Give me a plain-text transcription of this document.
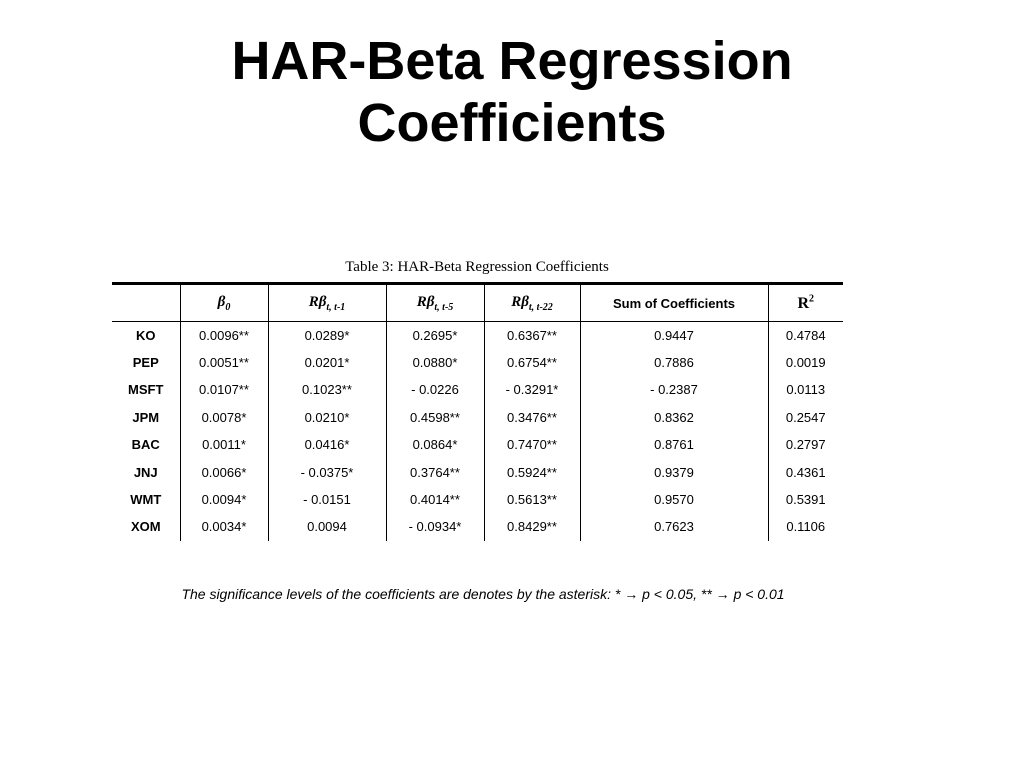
HAR-Beta Regression
Coefficients
Table 3: HAR-Beta Regression Coefficients
	$\beta_0$	$R\beta_{t, t-1}$	$R\beta_{t, t-5}$	$R\beta_{t, t-22}$	Sum of Coefficients	$R^2$
KO	0.0096**	0.0289*	0.2695*	0.6367**	0.9447	0.4784
PEP	0.0051**	0.0201*	0.0880*	0.6754**	0.7886	0.0019
MSFT	0.0107**	0.1023**	- 0.0226	- 0.3291*	- 0.2387	0.0113
JPM	0.0078*	0.0210*	0.4598**	0.3476**	0.8362	0.2547
BAC	0.0011*	0.0416*	0.0864*	0.7470**	0.8761	0.2797
JNJ	0.0066*	- 0.0375*	0.3764**	0.5924**	0.9379	0.4361
WMT	0.0094*	- 0.0151	0.4014**	0.5613**	0.9570	0.5391
XOM	0.0034*	0.0094	- 0.0934*	0.8429**	0.7623	0.1106
The significance levels of the coefficients are denotes by the asterisk: * → p < 0.05, ** → p < 0.01
